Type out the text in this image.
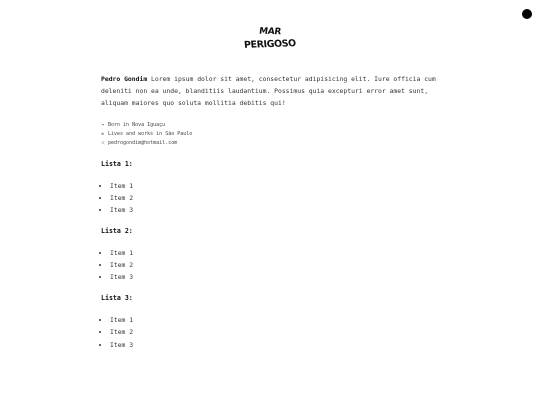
MAR
PERIGOSO

Pedro Gondim Lorem ipsum dolor sit amet, consectetur adipisicing elit. Iure officia cum deleniti non ea unde, blanditiis laudantium. Possimus quia excepturi error amet sunt, aliquam maiores quo soluta mollitia debitis qui!

→ Born in Nova Iguaçu
✲ Lives and works in São Paulo
❍ pedrogondim@hotmail.com
Lista 1:
• Item 1
• Item 2
• Item 3
Lista 2:
• Item 1
• Item 2
• Item 3
Lista 3:
• Item 1
• Item 2
• Item 3
